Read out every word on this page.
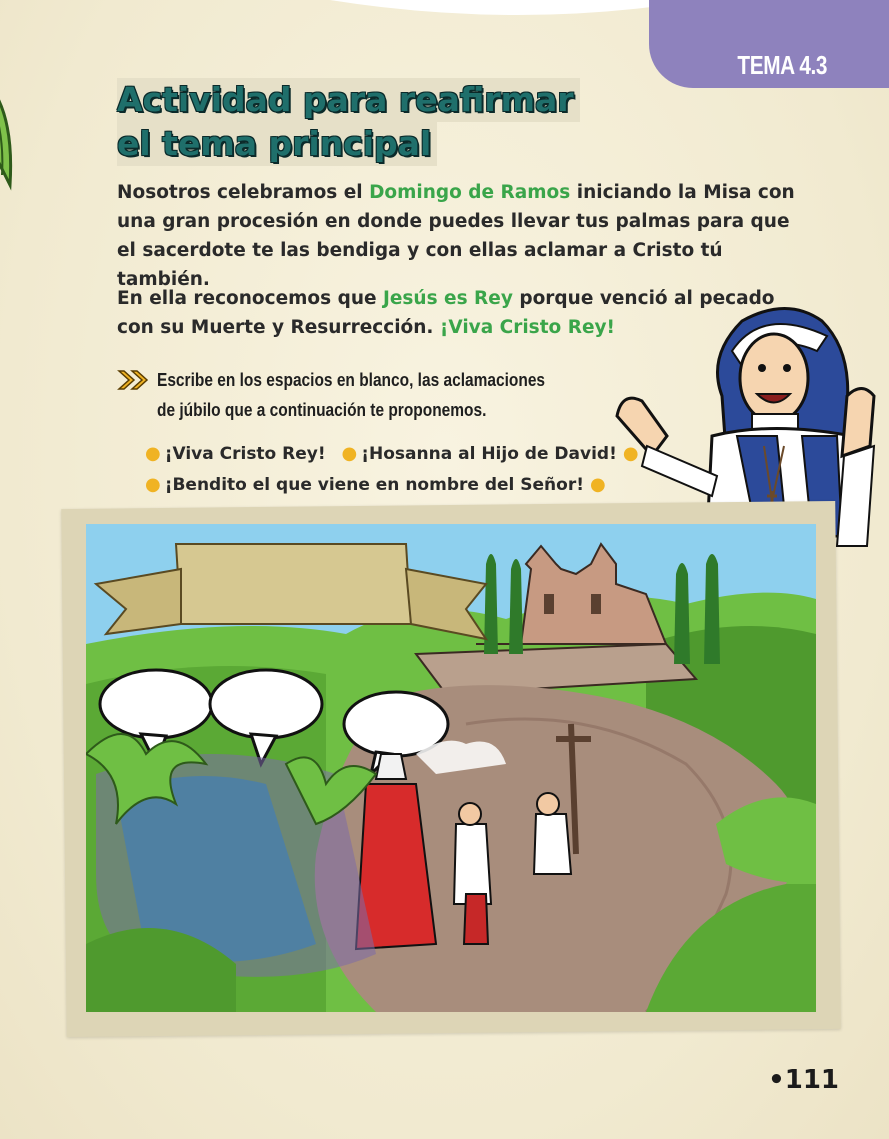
TEMA 4.3
Actividad para reafirmar
el tema principal

Nosotros celebramos el Domingo de Ramos iniciando la Misa con una gran procesión en donde puedes llevar tus palmas para que el sacerdote te las bendiga y con ellas aclamar a Cristo tú también.

En ella reconocemos que Jesús es Rey porque venció al pecado con su Muerte y Resurrección. ¡Viva Cristo Rey!

Escribe en los espacios en blanco, las aclamaciones
de júbilo que a continuación te proponemos.

● ¡Viva Cristo Rey! ● ¡Hosanna al Hijo de David! ●
● ¡Bendito el que viene en nombre del Señor! ●
•111
